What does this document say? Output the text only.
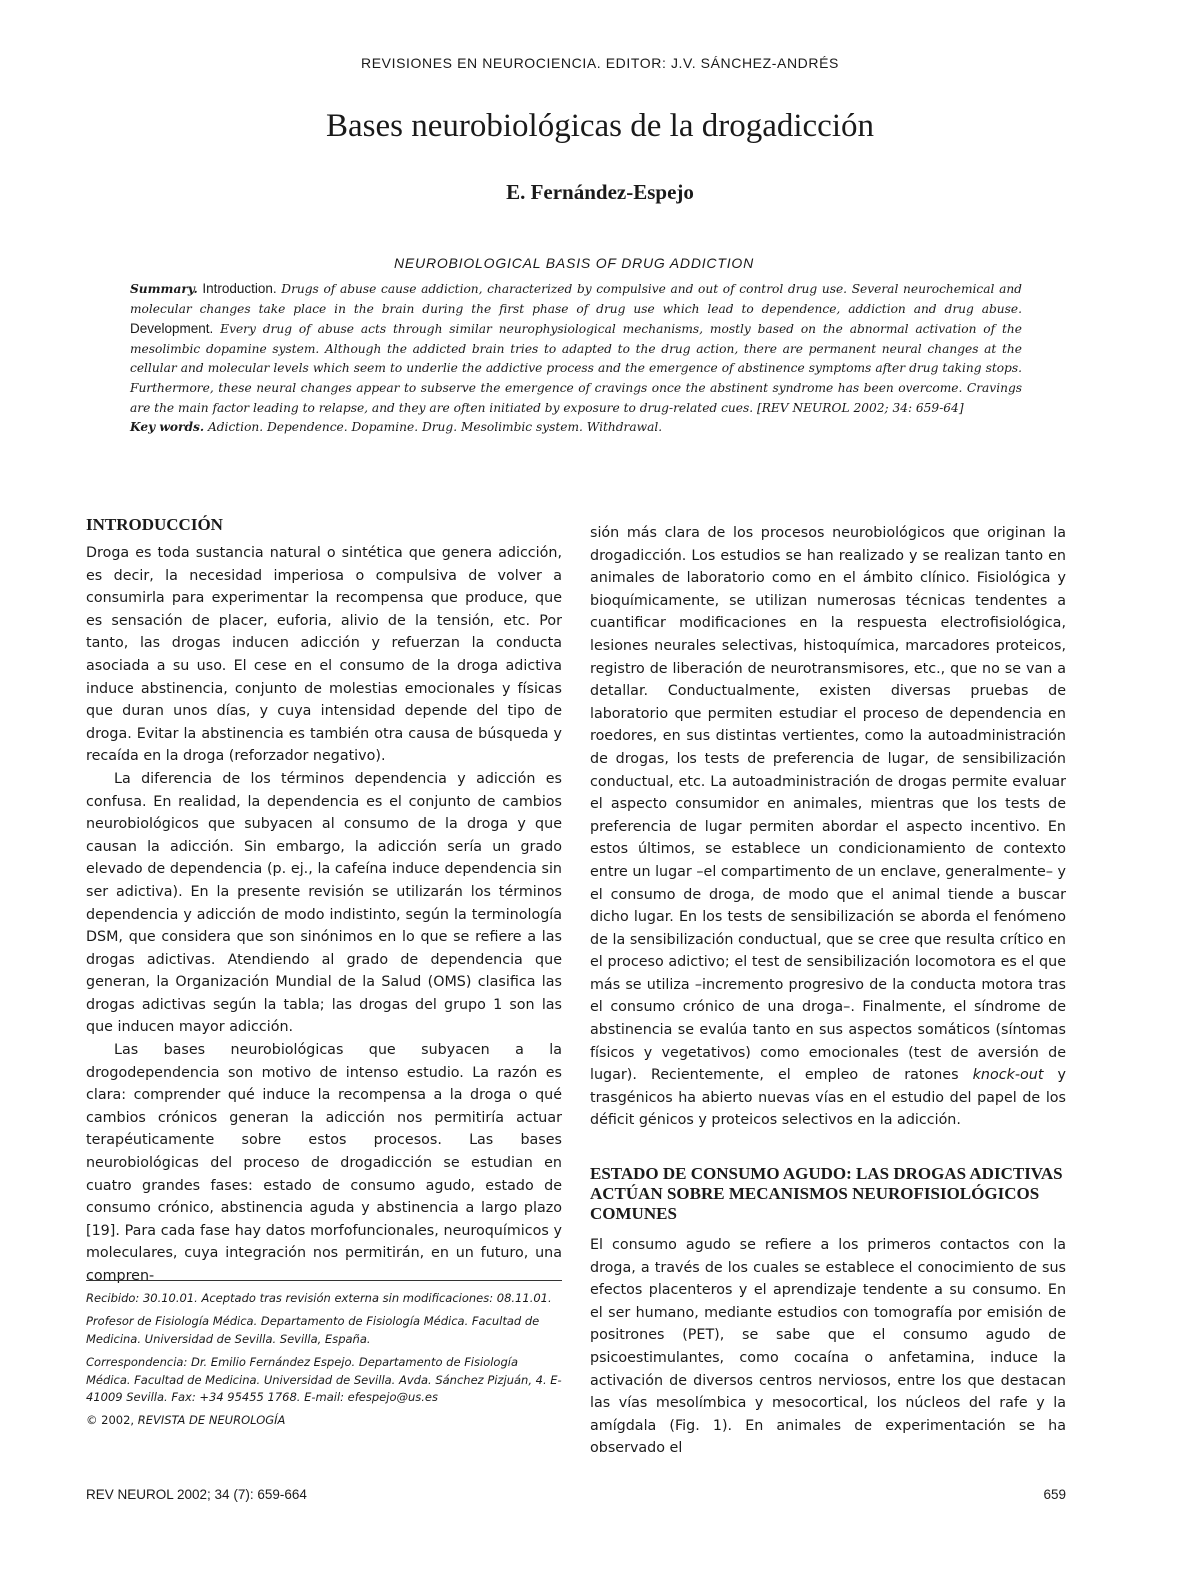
REVISIONES EN NEUROCIENCIA. EDITOR: J.V. SÁNCHEZ-ANDRÉS
Bases neurobiológicas de la drogadicción
E. Fernández-Espejo
NEUROBIOLOGICAL BASIS OF DRUG ADDICTION
Summary. Introduction. Drugs of abuse cause addiction, characterized by compulsive and out of control drug use. Several neurochemical and molecular changes take place in the brain during the first phase of drug use which lead to dependence, addiction and drug abuse. Development. Every drug of abuse acts through similar neurophysiological mechanisms, mostly based on the abnormal activation of the mesolimbic dopamine system. Although the addicted brain tries to adapted to the drug action, there are permanent neural changes at the cellular and molecular levels which seem to underlie the addictive process and the emergence of abstinence symptoms after drug taking stops. Furthermore, these neural changes appear to subserve the emergence of cravings once the abstinent syndrome has been overcome. Cravings are the main factor leading to relapse, and they are often initiated by exposure to drug-related cues. [REV NEUROL 2002; 34: 659-64]
Key words. Adiction. Dependence. Dopamine. Drug. Mesolimbic system. Withdrawal.
INTRODUCCIÓN

Droga es toda sustancia natural o sintética que genera adicción, es decir, la necesidad imperiosa o compulsiva de volver a consumirla para experimentar la recompensa que produce, que es sensación de placer, euforia, alivio de la tensión, etc. Por tanto, las drogas inducen adicción y refuerzan la conducta asociada a su uso. El cese en el consumo de la droga adictiva induce abstinencia, conjunto de molestias emocionales y físicas que duran unos días, y cuya intensidad depende del tipo de droga. Evitar la abstinencia es también otra causa de búsqueda y recaída en la droga (reforzador negativo).

La diferencia de los términos dependencia y adicción es confusa. En realidad, la dependencia es el conjunto de cambios neurobiológicos que subyacen al consumo de la droga y que causan la adicción. Sin embargo, la adicción sería un grado elevado de dependencia (p. ej., la cafeína induce dependencia sin ser adictiva). En la presente revisión se utilizarán los términos dependencia y adicción de modo indistinto, según la terminología DSM, que considera que son sinónimos en lo que se refiere a las drogas adictivas. Atendiendo al grado de dependencia que generan, la Organización Mundial de la Salud (OMS) clasifica las drogas adictivas según la tabla; las drogas del grupo 1 son las que inducen mayor adicción.

Las bases neurobiológicas que subyacen a la drogodependencia son motivo de intenso estudio. La razón es clara: comprender qué induce la recompensa a la droga o qué cambios crónicos generan la adicción nos permitiría actuar terapéuticamente sobre estos procesos. Las bases neurobiológicas del proceso de drogadicción se estudian en cuatro grandes fases: estado de consumo agudo, estado de consumo crónico, abstinencia aguda y abstinencia a largo plazo [19]. Para cada fase hay datos morfofuncionales, neuroquímicos y moleculares, cuya integración nos permitirán, en un futuro, una compren-

sión más clara de los procesos neurobiológicos que originan la drogadicción. Los estudios se han realizado y se realizan tanto en animales de laboratorio como en el ámbito clínico. Fisiológica y bioquímicamente, se utilizan numerosas técnicas tendentes a cuantificar modificaciones en la respuesta electrofisiológica, lesiones neurales selectivas, histoquímica, marcadores proteicos, registro de liberación de neurotransmisores, etc., que no se van a detallar. Conductualmente, existen diversas pruebas de laboratorio que permiten estudiar el proceso de dependencia en roedores, en sus distintas vertientes, como la autoadministración de drogas, los tests de preferencia de lugar, de sensibilización conductual, etc. La autoadministración de drogas permite evaluar el aspecto consumidor en animales, mientras que los tests de preferencia de lugar permiten abordar el aspecto incentivo. En estos últimos, se establece un condicionamiento de contexto entre un lugar –el compartimento de un enclave, generalmente– y el consumo de droga, de modo que el animal tiende a buscar dicho lugar. En los tests de sensibilización se aborda el fenómeno de la sensibilización conductual, que se cree que resulta crítico en el proceso adictivo; el test de sensibilización locomotora es el que más se utiliza –incremento progresivo de la conducta motora tras el consumo crónico de una droga–. Finalmente, el síndrome de abstinencia se evalúa tanto en sus aspectos somáticos (síntomas físicos y vegetativos) como emocionales (test de aversión de lugar). Recientemente, el empleo de ratones knock-out y trasgénicos ha abierto nuevas vías en el estudio del papel de los déficit génicos y proteicos selectivos en la adicción.

ESTADO DE CONSUMO AGUDO: LAS DROGAS ADICTIVAS ACTÚAN SOBRE MECANISMOS NEUROFISIOLÓGICOS COMUNES

El consumo agudo se refiere a los primeros contactos con la droga, a través de los cuales se establece el conocimiento de sus efectos placenteros y el aprendizaje tendente a su consumo. En el ser humano, mediante estudios con tomografía por emisión de positrones (PET), se sabe que el consumo agudo de psicoestimulantes, como cocaína o anfetamina, induce la activación de diversos centros nerviosos, entre los que destacan las vías mesolímbica y mesocortical, los núcleos del rafe y la amígdala (Fig. 1). En animales de experimentación se ha observado el

Recibido: 30.10.01. Aceptado tras revisión externa sin modificaciones: 08.11.01.

Profesor de Fisiología Médica. Departamento de Fisiología Médica. Facultad de Medicina. Universidad de Sevilla. Sevilla, España.

Correspondencia: Dr. Emilio Fernández Espejo. Departamento de Fisiología Médica. Facultad de Medicina. Universidad de Sevilla. Avda. Sánchez Pizjuán, 4. E-41009 Sevilla. Fax: +34 95455 1768. E-mail: efespejo@us.es

© 2002, REVISTA DE NEUROLOGÍA

REV NEUROL 2002; 34 (7): 659-664	659
